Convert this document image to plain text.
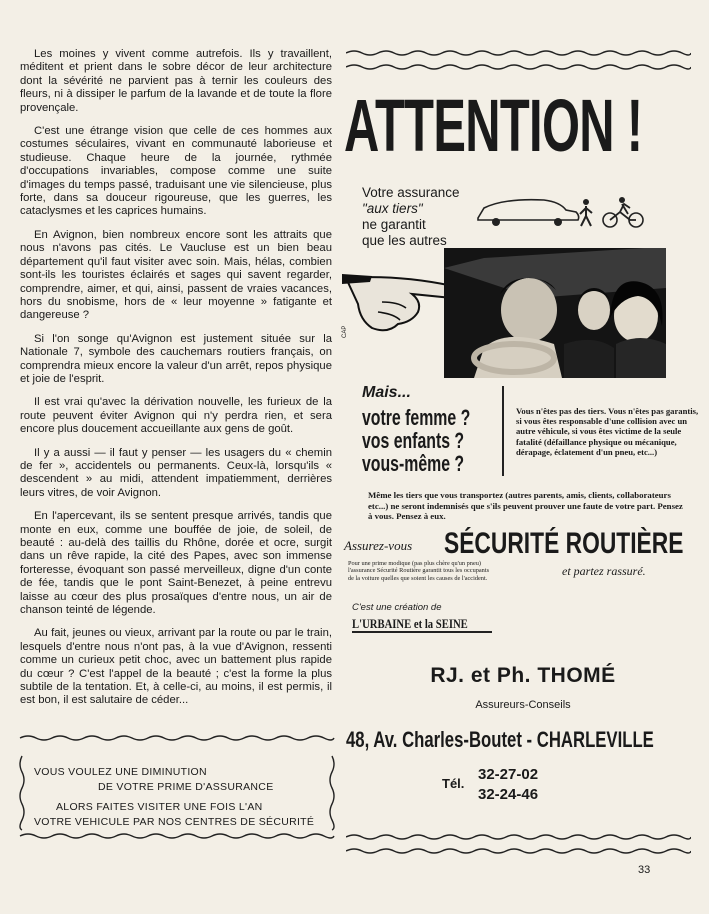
Les moines y vivent comme autrefois. Ils y travaillent, méditent et prient dans le sobre décor de leur architecture dont la sévérité ne parvient pas à ternir les couleurs des fleurs, ni à dissiper le parfum de la lavande et de toute la flore provençale.

C'est une étrange vision que celle de ces hommes aux costumes séculaires, vivant en communauté laborieuse et studieuse. Chaque heure de la journée, rythmée d'occupations invariables, compose comme une suite d'images du temps passé, traduisant une vie silencieuse, plus forte, dans sa douceur rigoureuse, que les guerres, les cataclysmes et les caprices humains.

En Avignon, bien nombreux encore sont les attraits que nous n'avons pas cités. Le Vaucluse est un bien beau département qu'il faut visiter avec soin. Mais, hélas, combien sont-ils les touristes éclairés et sages qui savent regarder, comprendre, aimer, et qui, ainsi, passent de vraies vacances, hors du snobisme, hors de « leur moyenne » fatigante et dangereuse ?

Si l'on songe qu'Avignon est justement située sur la Nationale 7, symbole des cauchemars routiers français, on comprendra mieux encore la valeur d'un arrêt, repos physique et joie de l'esprit.

Il est vrai qu'avec la dérivation nouvelle, les furieux de la route peuvent éviter Avignon qui n'y perdra rien, et sera encore plus doucement accueillante aux gens de goût.

Il y a aussi — il faut y penser — les usagers du « chemin de fer », accidentels ou permanents. Ceux-là, lorsqu'ils « descendent » au midi, attendent impatiemment, derrières leurs vitres, de voir Avignon.

En l'apercevant, ils se sentent presque arrivés, tandis que monte en eux, comme une bouffée de joie, de soleil, de beauté : au-delà des taillis du Rhône, dorée et ocre, surgit dans un rêve rapide, la cité des Papes, avec son immense forteresse, évoquant son passé merveilleux, digne d'un conte de fée, tandis que le pont Saint-Benezet, à peine entrevu laisse au cœur des plus prosaïques d'entre nous, un air de chanson teinté de légende.

Au fait, jeunes ou vieux, arrivant par la route ou par le train, lesquels d'entre nous n'ont pas, à la vue d'Avignon, ressenti comme un curieux petit choc, avec un battement plus rapide du cœur ? C'est l'appel de la beauté ; c'est la forme la plus subtile de la tentation. Et, à celle-ci, au moins, il est permis, il est bon, il est salutaire de céder...

VOUS VOULEZ UNE DIMINUTION
DE VOTRE PRIME D'ASSURANCE
ALORS FAITES VISITER UNE FOIS L'AN
VOTRE VEHICULE PAR NOS CENTRES DE SÉCURITÉ
ATTENTION !
Votre assurance
"aux tiers"
ne garantit
que les autres
CAP
Mais...
votre femme ?
vos enfants ?
vous-même ?
Vous n'êtes pas des tiers. Vous n'êtes pas garantis, si vous êtes responsable d'une collision avec un autre véhicule, si vous êtes victime de la seule fatalité (défaillance physique ou mécanique, dérapage, éclatement d'un pneu, etc...)
Même les tiers que vous transportez (autres parents, amis, clients, collaborateurs etc...) ne seront indemnisés que s'ils peuvent prouver une faute de votre part. Pensez à vous. Pensez à eux.
Assurez-vous SÉCURITÉ ROUTIÈRE
et partez rassuré.
Pour une prime modique (pas plus chère qu'un pneu) l'assurance Sécurité Routière garantit tous les occupants de la voiture quelles que soient les causes de l'accident.
C'est une création de
L'URBAINE et la SEINE
RJ. et Ph. THOMÉ
Assureurs-Conseils
48, Av. Charles-Boutet - CHARLEVILLE
Tél.
32-27-02
32-24-46
33
